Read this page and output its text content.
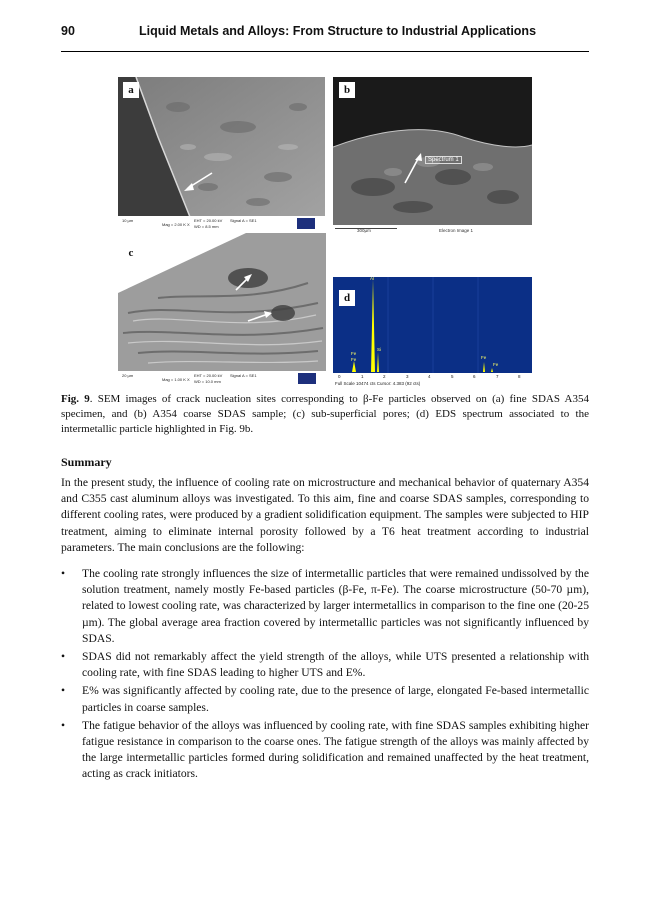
90	Liquid Metals and Alloys: From Structure to Industrial Applications
a
10 µm
Mag = 2.00 K X
EHT = 20.00 kV
WD = 8.5 mm
Signal A = SE1
Spectrum 1
300µm	Electron Image 1
b
c
20 µm
Mag = 1.00 K X
EHT = 20.00 kV
WD = 10.0 mm
Signal A = SE1
Al
Fe
Fe
Si
Fe
Fe
0	1	2	3	4	5	6	7	8
Full Scale 10474 cts Cursor: 4.383 (92 cts)
d
Fig. 9. SEM images of crack nucleation sites corresponding to β-Fe particles observed on (a) fine SDAS A354 specimen, and (b) A354 coarse SDAS sample; (c) sub-superficial pores; (d) EDS spectrum associated to the intermetallic particle highlighted in Fig. 9b.
Summary
In the present study, the influence of cooling rate on microstructure and mechanical behavior of quaternary A354 and C355 cast aluminum alloys was investigated. To this aim, fine and coarse SDAS samples, corresponding to different cooling rates, were produced by a gradient solidification equipment. The samples were subjected to HIP treatment, aiming to eliminate internal porosity followed by a T6 heat treatment according to industrial parameters. The main conclusions are the following:
• The cooling rate strongly influences the size of intermetallic particles that were remained undissolved by the solution treatment, namely mostly Fe-based particles (β-Fe, π-Fe). The coarse microstructure (50-70 µm), related to lowest cooling rate, was characterized by larger intermetallics in comparison to the fine one (20-25 µm). The global average area fraction covered by intermetallic particles was not significantly influenced by SDAS.
• SDAS did not remarkably affect the yield strength of the alloys, while UTS presented a relationship with cooling rate, with fine SDAS leading to higher UTS and E%.
• E% was significantly affected by cooling rate, due to the presence of large, elongated Fe-based intermetallic particles in coarse samples.
• The fatigue behavior of the alloys was influenced by cooling rate, with fine SDAS samples exhibiting higher fatigue resistance in comparison to the coarse ones. The fatigue strength of the alloys was mainly affected by the large intermetallic particles formed during solidification and remained unaffected by the heat treatment, acting as crack initiators.
